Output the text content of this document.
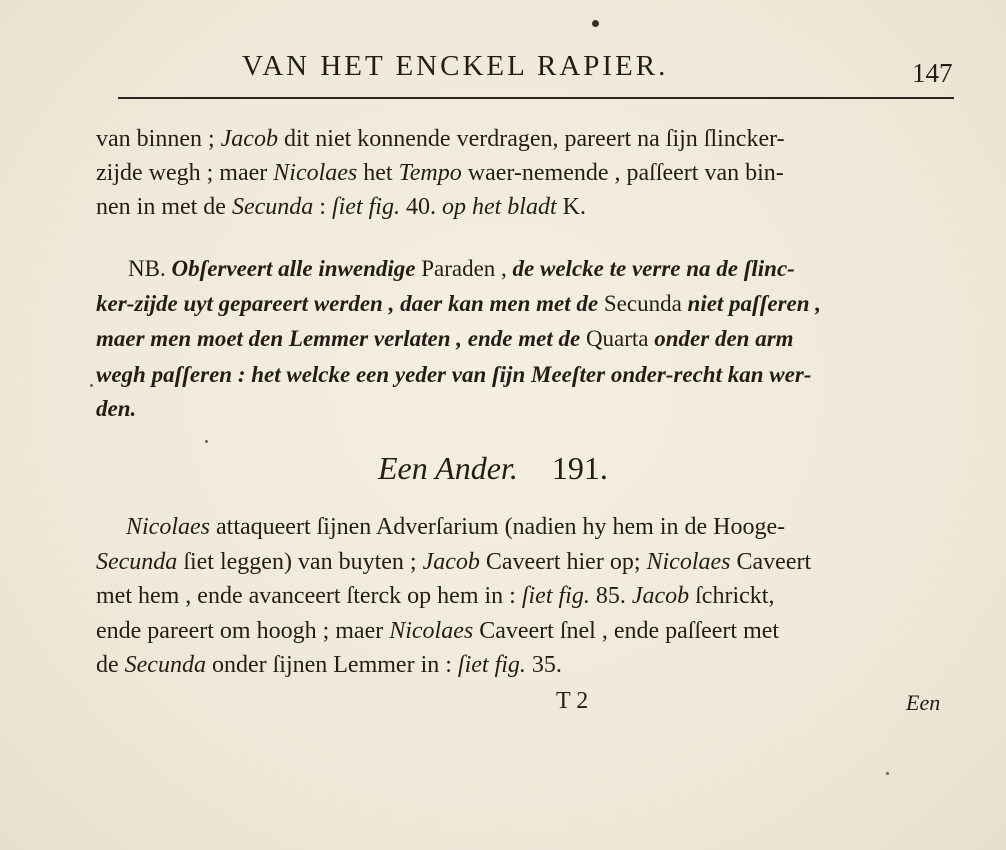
VAN HET ENCKEL RAPIER.	147
van binnen ; Jacob dit niet konnende verdragen, pareert na ſijn ſlincker-
zijde wegh ; maer Nicolaes het Tempo waer-nemende , paſſeert van bin-
nen in met de Secunda : ſiet fig. 40. op het bladt K.
NB. Obſerveert alle inwendige Paraden , de welcke te verre na de ſlinc-
ker-zijde uyt gepareert werden , daer kan men met de Secunda niet paſſeren ,
maer men moet den Lemmer verlaten , ende met de Quarta onder den arm
wegh paſſeren : het welcke een yeder van ſijn Meeſter onder-recht kan wer-
den.
Een Ander. 191.
Nicolaes attaqueert ſijnen Adverſarium (nadien hy hem in de Hooge-
Secunda ſiet leggen) van buyten ; Jacob Caveert hier op; Nicolaes Caveert
met hem , ende avanceert ſterck op hem in : ſiet fig. 85. Jacob ſchrickt,
ende pareert om hoogh ; maer Nicolaes Caveert ſnel , ende paſſeert met
de Secunda onder ſijnen Lemmer in : ſiet fig. 35.
T 2	Een
